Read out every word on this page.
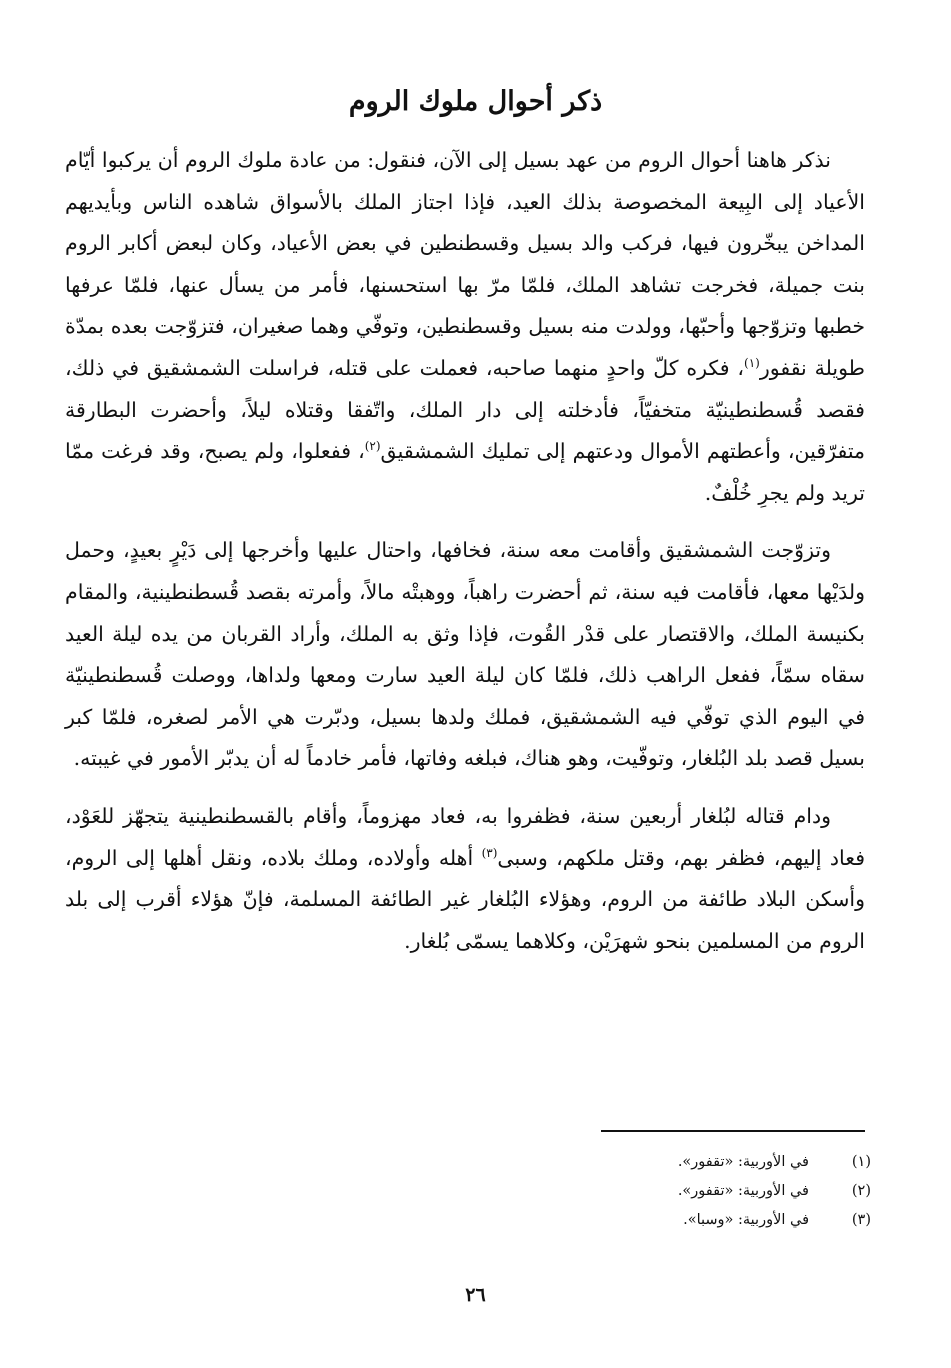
ذكر أحوال ملوك الروم

نذكر هاهنا أحوال الروم من عهد بسيل إلى الآن، فنقول: من عادة ملوك الروم أن يركبوا أيّام الأعياد إلى البِيعة المخصوصة بذلك العيد، فإذا اجتاز الملك بالأسواق شاهده الناس وبأيديهم المداخن يبخّرون فيها، فركب والد بسيل وقسطنطين في بعض الأعياد، وكان لبعض أكابر الروم بنت جميلة، فخرجت تشاهد الملك، فلمّا مرّ بها استحسنها، فأمر من يسأل عنها، فلمّا عرفها خطبها وتزوّجها وأحبّها، وولدت منه بسيل وقسطنطين، وتوفّي وهما صغيران، فتزوّجت بعده بمدّة طويلة نقفور$^{(١)}$، فكره كلّ واحدٍ منهما صاحبه، فعملت على قتله، فراسلت الشمشقيق في ذلك، فقصد قُسطنطينيّة متخفيّاً، فأدخلته إلى دار الملك، واتّفقا وقتلاه ليلاً، وأحضرت البطارقة متفرّقين، وأعطتهم الأموال ودعتهم إلى تمليك الشمشقيق$^{(٢)}$، ففعلوا، ولم يصبح، وقد فرغت ممّا تريد ولم يجرِ خُلْفٌ.

وتزوّجت الشمشقيق وأقامت معه سنة، فخافها، واحتال عليها وأخرجها إلى دَيْرٍ بعيدٍ، وحمل ولدَيْها معها، فأقامت فيه سنة، ثم أحضرت راهباً، ووهبتْه مالاً، وأمرته بقصد قُسطنطينية، والمقام بكنيسة الملك، والاقتصار على قدْر القُوت، فإذا وثق به الملك، وأراد القربان من يده ليلة العيد سقاه سمّاً، ففعل الراهب ذلك، فلمّا كان ليلة العيد سارت ومعها ولداها، ووصلت قُسطنطينيّة في اليوم الذي توفّي فيه الشمشقيق، فملك ولدها بسيل، ودبّرت هي الأمر لصغره، فلمّا كبر بسيل قصد بلد البُلغار، وتوفّيت، وهو هناك، فبلغه وفاتها، فأمر خادماً له أن يدبّر الأمور في غيبته.

ودام قتاله لبُلغار أربعين سنة، فظفروا به، فعاد مهزوماً، وأقام بالقسطنطينية يتجهّز للعَوْد، فعاد إليهم، فظفر بهم، وقتل ملكهم، وسبى$^{(٣)}$ أهله وأولاده، وملك بلاده، ونقل أهلها إلى الروم، وأسكن البلاد طائفة من الروم، وهؤلاء البُلغار غير الطائفة المسلمة، فإنّ هؤلاء أقرب إلى بلد الروم من المسلمين بنحو شهرَيْن، وكلاهما يسمّى بُلغار.

(١)
في الأوربية: «تقفور».
(٢)
في الأوربية: «تقفور».
(٣)
في الأوربية: «وسبا».
٢٦
